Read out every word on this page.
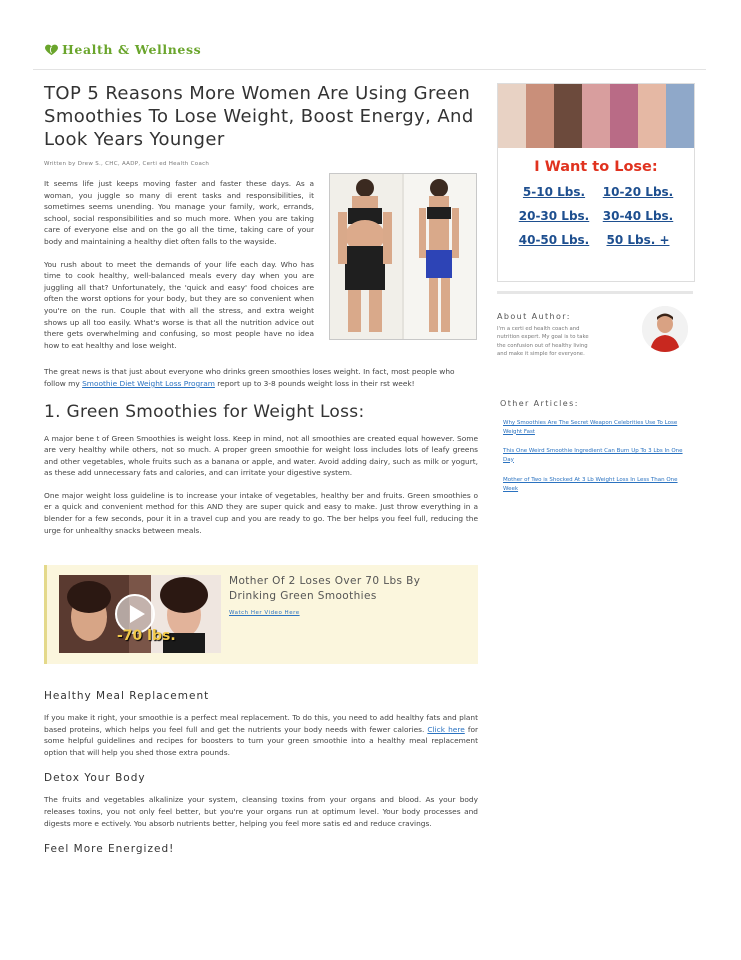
Health & Wellness
TOP 5 Reasons More Women Are Using Green Smoothies To Lose Weight, Boost Energy, And Look Years Younger
Written by Drew S., CHC, AADP, Certi ed Health Coach

It seems life just keeps moving faster and faster these days. As a woman, you juggle so many di erent tasks and responsibilities, it sometimes seems unending. You manage your family, work, errands, school, social responsibilities and so much more. When you are taking care of everyone else and on the go all the time, taking care of your body and maintaining a healthy diet often falls to the wayside.

You rush about to meet the demands of your life each day. Who has time to cook healthy, well-balanced meals every day when you are juggling all that? Unfortunately, the 'quick and easy' food choices are often the worst options for your body, but they are so convenient when you're on the run. Couple that with all the stress, and extra weight shows up all too easily. What's worse is that all the nutrition advice out there gets overwhelming and confusing, so most people have no idea how to eat healthy and lose weight.

The great news is that just about everyone who drinks green smoothies loses weight. In fact, most people who follow my Smoothie Diet Weight Loss Program report up to 3-8 pounds weight loss in their rst week!

1. Green Smoothies for Weight Loss:

A major bene t of Green Smoothies is weight loss. Keep in mind, not all smoothies are created equal however. Some are very healthy while others, not so much. A proper green smoothie for weight loss includes lots of leafy greens and other vegetables, whole fruits such as a banana or apple, and water. Avoid adding dairy, such as milk or yogurt, as these add unnecessary fats and calories, and can irritate your digestive system.

One major weight loss guideline is to increase your intake of vegetables, healthy ber and fruits. Green smoothies o er a quick and convenient method for this AND they are super quick and easy to make. Just throw everything in a blender for a few seconds, pour it in a travel cup and you are ready to go. The ber helps you feel full, reducing the urge for unhealthy snacks between meals.

-70 lbs.
Mother Of 2 Loses Over 70 Lbs By Drinking Green Smoothies
Watch Her Video Here
Healthy Meal Replacement

If you make it right, your smoothie is a perfect meal replacement. To do this, you need to add healthy fats and plant based proteins, which helps you feel full and get the nutrients your body needs with fewer calories. Click here for some helpful guidelines and recipes for boosters to turn your green smoothie into a healthy meal replacement option that will help you shed those extra pounds.

Detox Your Body

The fruits and vegetables alkalinize your system, cleansing toxins from your organs and blood. As your body releases toxins, you not only feel better, but you're your organs run at optimum level. Your body processes and digests more e ectively. You absorb nutrients better, helping you feel more satis ed and reduce cravings.

Feel More Energized!
I Want to Lose:
5-10 Lbs.	10-20 Lbs.
20-30 Lbs.	30-40 Lbs.
40-50 Lbs.	50 Lbs. +
About Author:
I'm a certi ed health coach and nutrition expert. My goal is to take the confusion out of healthy living and make it simple for everyone.
Other Articles:
Why Smoothies Are The Secret Weapon Celebrities Use To Lose Weight Fast
This One Weird Smoothie Ingredient Can Burn Up To 3 Lbs In One Day
Mother of Two is Shocked At 3 Lb Weight Loss In Less Than One Week
